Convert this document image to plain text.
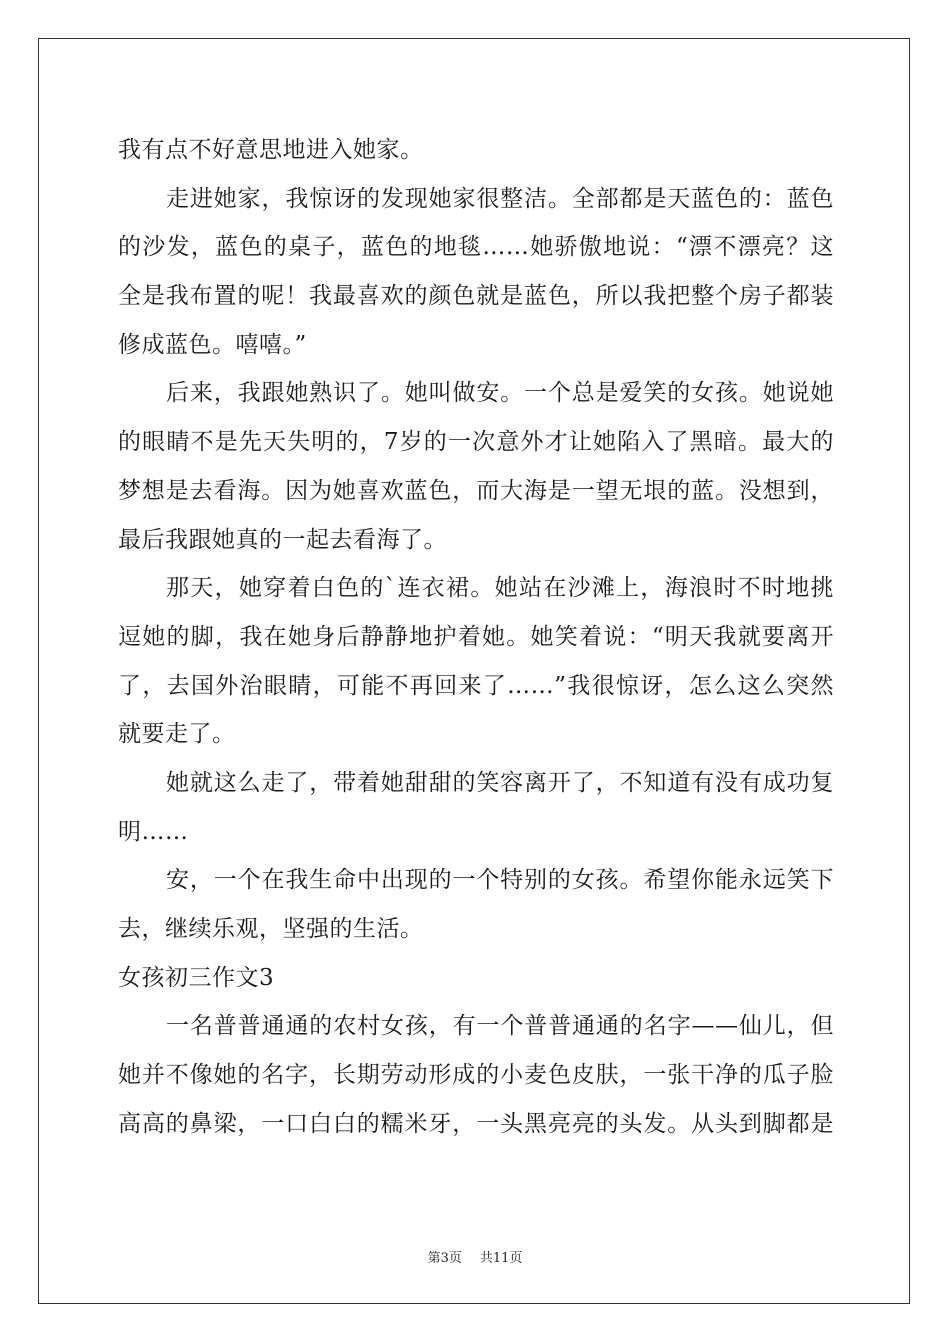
我有点不好意思地进入她家。
走进她家，我惊讶的发现她家很整洁。全部都是天蓝色的：蓝色
的沙发，蓝色的桌子，蓝色的地毯……她骄傲地说：“漂不漂亮？这
全是我布置的呢！我最喜欢的颜色就是蓝色，所以我把整个房子都装
修成蓝色。嘻嘻。”
后来，我跟她熟识了。她叫做安。一个总是爱笑的女孩。她说她
的眼睛不是先天失明的，7岁的一次意外才让她陷入了黑暗。最大的
梦想是去看海。因为她喜欢蓝色，而大海是一望无垠的蓝。没想到，
最后我跟她真的一起去看海了。
那天，她穿着白色的`连衣裙。她站在沙滩上，海浪时不时地挑
逗她的脚，我在她身后静静地护着她。她笑着说：“明天我就要离开
了，去国外治眼睛，可能不再回来了……”我很惊讶，怎么这么突然
就要走了。
她就这么走了，带着她甜甜的笑容离开了，不知道有没有成功复
明……
安，一个在我生命中出现的一个特别的女孩。希望你能永远笑下
去，继续乐观，坚强的生活。
女孩初三作文3
一名普普通通的农村女孩，有一个普普通通的名字——仙儿，但
她并不像她的名字，长期劳动形成的小麦色皮肤，一张干净的瓜子脸
高高的鼻梁，一口白白的糯米牙，一头黑亮亮的头发。从头到脚都是
第3页 共11页
